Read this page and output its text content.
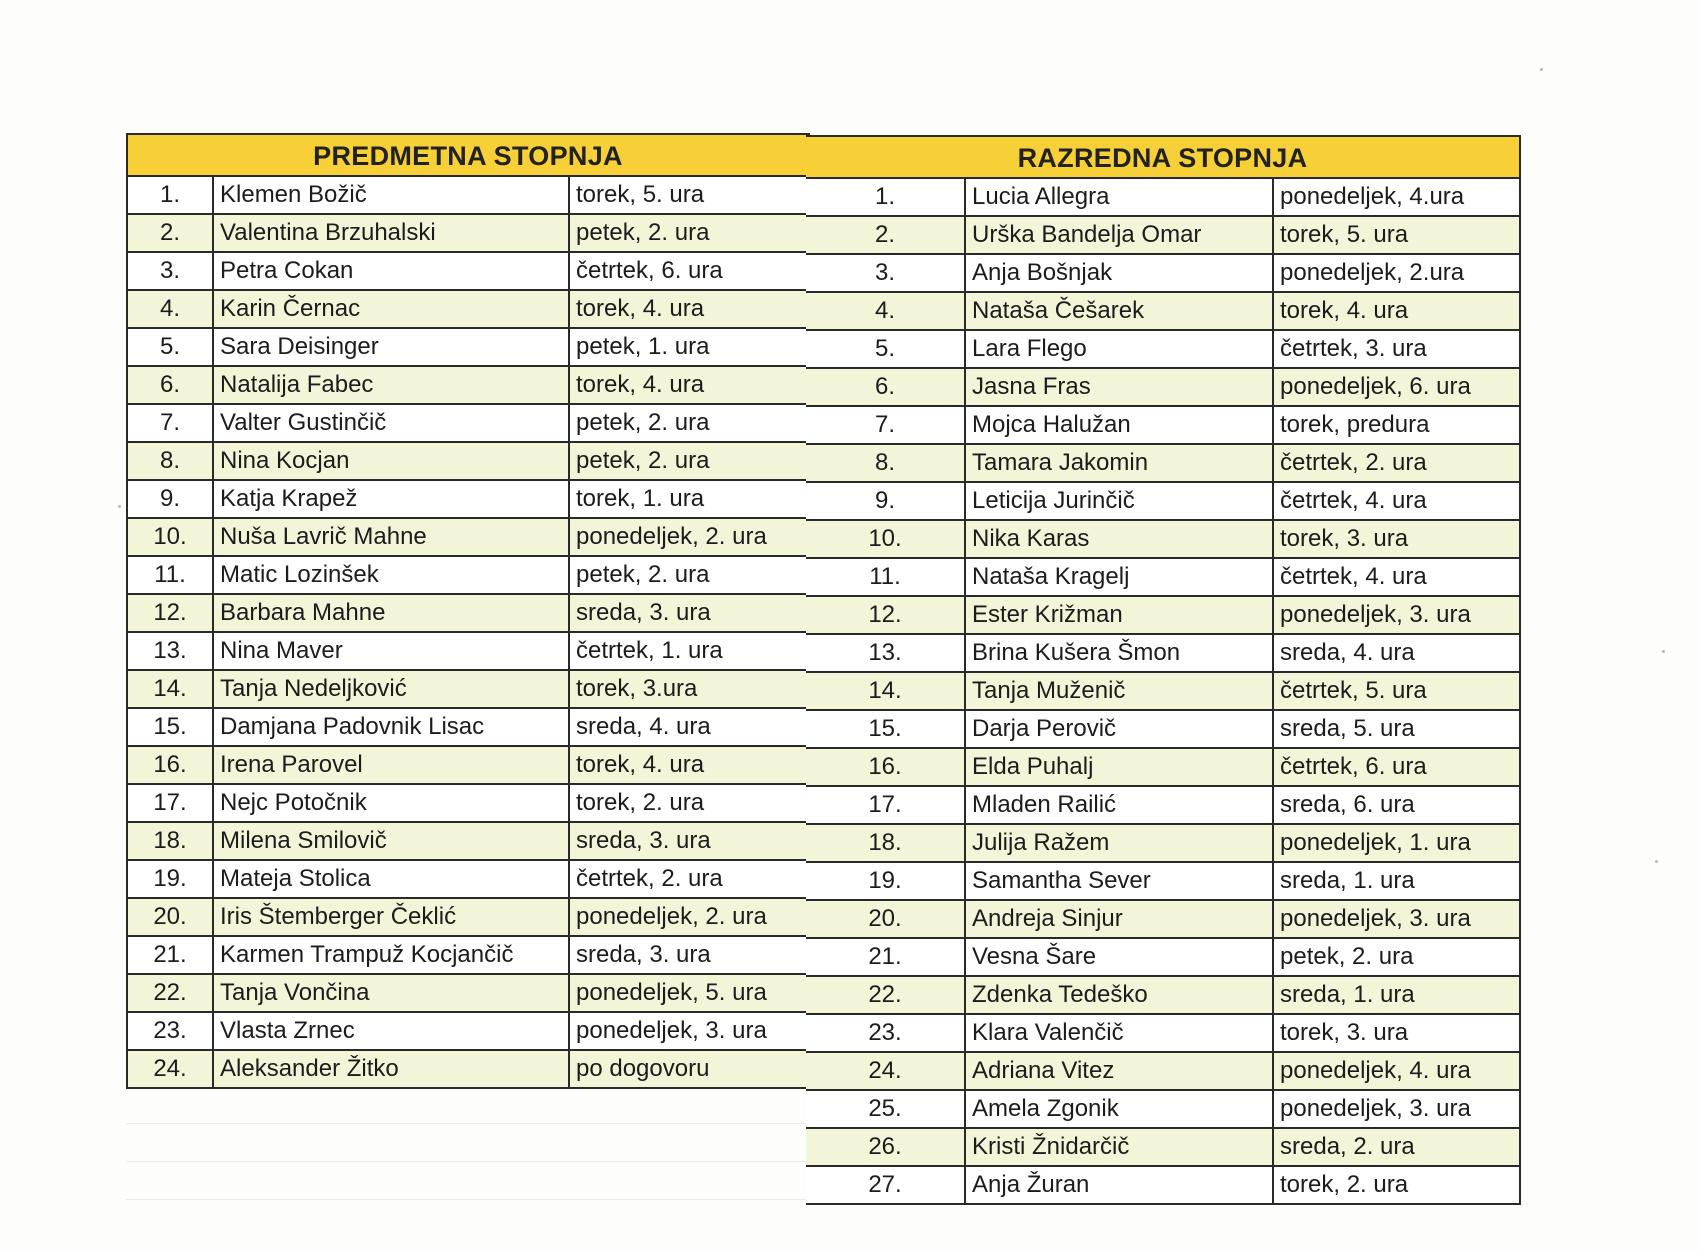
PREDMETNA STOPNJA
1.	Klemen Božič	torek, 5. ura
2.	Valentina Brzuhalski	petek, 2. ura
3.	Petra Cokan	četrtek, 6. ura
4.	Karin Černac	torek, 4. ura
5.	Sara Deisinger	petek, 1. ura
6.	Natalija Fabec	torek, 4. ura
7.	Valter Gustinčič	petek, 2. ura
8.	Nina Kocjan	petek, 2. ura
9.	Katja Krapež	torek, 1. ura
10.	Nuša Lavrič Mahne	ponedeljek, 2. ura
11.	Matic Lozinšek	petek, 2. ura
12.	Barbara Mahne	sreda, 3. ura
13.	Nina Maver	četrtek, 1. ura
14.	Tanja Nedeljković	torek, 3.ura
15.	Damjana Padovnik Lisac	sreda, 4. ura
16.	Irena Parovel	torek, 4. ura
17.	Nejc Potočnik	torek, 2. ura
18.	Milena Smilovič	sreda, 3. ura
19.	Mateja Stolica	četrtek, 2. ura
20.	Iris Štemberger Čeklić	ponedeljek, 2. ura
21.	Karmen Trampuž Kocjančič	sreda, 3. ura
22.	Tanja Vončina	ponedeljek, 5. ura
23.	Vlasta Zrnec	ponedeljek, 3. ura
24.	Aleksander Žitko	po dogovoru
RAZREDNA STOPNJA
1.	Lucia Allegra	ponedeljek, 4.ura
2.	Urška Bandelja Omar	torek, 5. ura
3.	Anja Bošnjak	ponedeljek, 2.ura
4.	Nataša Češarek	torek, 4. ura
5.	Lara Flego	četrtek, 3. ura
6.	Jasna Fras	ponedeljek, 6. ura
7.	Mojca Halužan	torek, predura
8.	Tamara Jakomin	četrtek, 2. ura
9.	Leticija Jurinčič	četrtek, 4. ura
10.	Nika Karas	torek, 3. ura
11.	Nataša Kragelj	četrtek, 4. ura
12.	Ester Križman	ponedeljek, 3. ura
13.	Brina Kušera Šmon	sreda, 4. ura
14.	Tanja Muženič	četrtek, 5. ura
15.	Darja Perovič	sreda, 5. ura
16.	Elda Puhalj	četrtek, 6. ura
17.	Mladen Railić	sreda, 6. ura
18.	Julija Ražem	ponedeljek, 1. ura
19.	Samantha Sever	sreda, 1. ura
20.	Andreja Sinjur	ponedeljek, 3. ura
21.	Vesna Šare	petek, 2. ura
22.	Zdenka Tedeško	sreda, 1. ura
23.	Klara Valenčič	torek, 3. ura
24.	Adriana Vitez	ponedeljek, 4. ura
25.	Amela Zgonik	ponedeljek, 3. ura
26.	Kristi Žnidarčič	sreda, 2. ura
27.	Anja Žuran	torek, 2. ura
